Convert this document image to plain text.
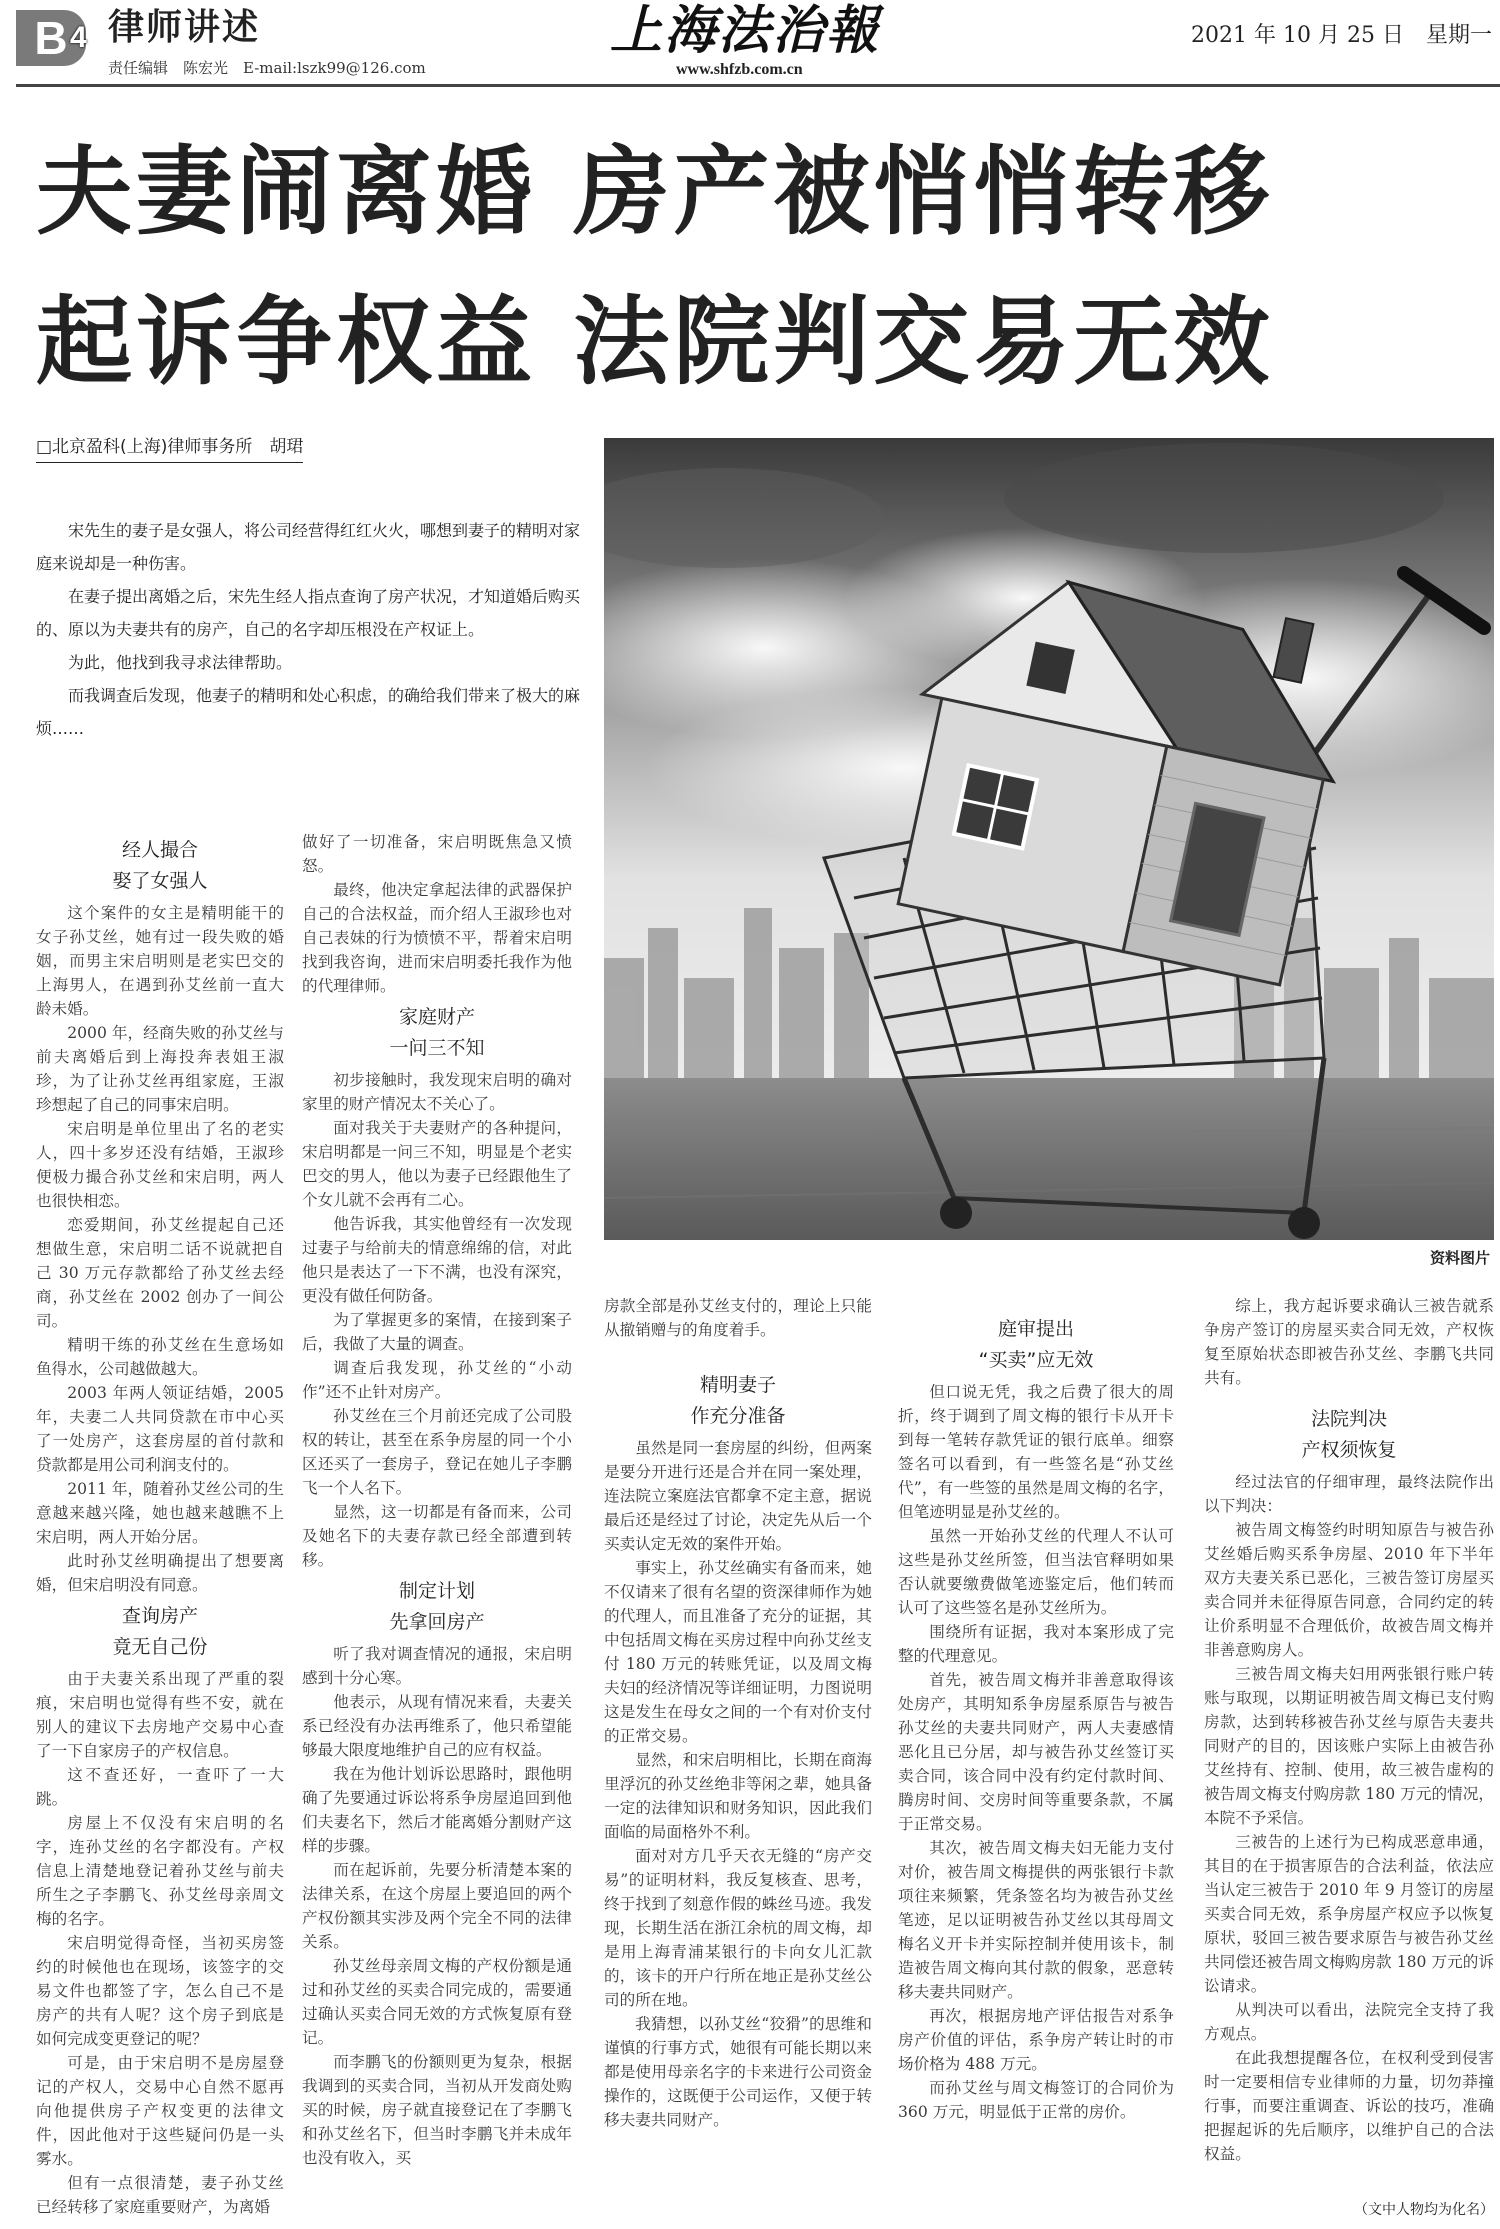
B 4 律师讲述
责任编辑　陈宏光　E-mail:lszk99@126.com
上海法治報
www.shfzb.com.cn
2021 年 10 月 25 日　星期一
夫妻闹离婚 房产被悄悄转移
起诉争权益 法院判交易无效
□北京盈科(上海)律师事务所　胡珺

宋先生的妻子是女强人，将公司经营得红红火火，哪想到妻子的精明对家庭来说却是一种伤害。

在妻子提出离婚之后，宋先生经人指点查询了房产状况，才知道婚后购买的、原以为夫妻共有的房产，自己的名字却压根没在产权证上。

为此，他找到我寻求法律帮助。

而我调查后发现，他妻子的精明和处心积虑，的确给我们带来了极大的麻烦……

资料图片
经人撮合
娶了女强人

这个案件的女主是精明能干的女子孙艾丝，她有过一段失败的婚姻，而男主宋启明则是老实巴交的上海男人，在遇到孙艾丝前一直大龄未婚。

2000 年，经商失败的孙艾丝与前夫离婚后到上海投奔表姐王淑珍，为了让孙艾丝再组家庭，王淑珍想起了自己的同事宋启明。

宋启明是单位里出了名的老实人，四十多岁还没有结婚，王淑珍便极力撮合孙艾丝和宋启明，两人也很快相恋。

恋爱期间，孙艾丝提起自己还想做生意，宋启明二话不说就把自己 30 万元存款都给了孙艾丝去经商，孙艾丝在 2002 创办了一间公司。

精明干练的孙艾丝在生意场如鱼得水，公司越做越大。

2003 年两人领证结婚，2005 年，夫妻二人共同贷款在市中心买了一处房产，这套房屋的首付款和贷款都是用公司利润支付的。

2011 年，随着孙艾丝公司的生意越来越兴隆，她也越来越瞧不上宋启明，两人开始分居。

此时孙艾丝明确提出了想要离婚，但宋启明没有同意。

查询房产
竟无自己份

由于夫妻关系出现了严重的裂痕，宋启明也觉得有些不安，就在别人的建议下去房地产交易中心查了一下自家房子的产权信息。

这不查还好，一查吓了一大跳。

房屋上不仅没有宋启明的名字，连孙艾丝的名字都没有。产权信息上清楚地登记着孙艾丝与前夫所生之子李鹏飞、孙艾丝母亲周文梅的名字。

宋启明觉得奇怪，当初买房签约的时候他也在现场，该签字的交易文件也都签了字，怎么自己不是房产的共有人呢？这个房子到底是如何完成变更登记的呢？

可是，由于宋启明不是房屋登记的产权人，交易中心自然不愿再向他提供房子产权变更的法律文件，因此他对于这些疑问仍是一头雾水。

但有一点很清楚，妻子孙艾丝已经转移了家庭重要财产，为离婚

做好了一切准备，宋启明既焦急又愤怒。

最终，他决定拿起法律的武器保护自己的合法权益，而介绍人王淑珍也对自己表妹的行为愤愤不平，帮着宋启明找到我咨询，进而宋启明委托我作为他的代理律师。

家庭财产
一问三不知

初步接触时，我发现宋启明的确对家里的财产情况太不关心了。

面对我关于夫妻财产的各种提问，宋启明都是一问三不知，明显是个老实巴交的男人，他以为妻子已经跟他生了个女儿就不会再有二心。

他告诉我，其实他曾经有一次发现过妻子与给前夫的情意绵绵的信，对此他只是表达了一下不满，也没有深究，更没有做任何防备。

为了掌握更多的案情，在接到案子后，我做了大量的调查。

调查后我发现，孙艾丝的“小动作”还不止针对房产。

孙艾丝在三个月前还完成了公司股权的转让，甚至在系争房屋的同一个小区还买了一套房子，登记在她儿子李鹏飞一个人名下。

显然，这一切都是有备而来，公司及她名下的夫妻存款已经全部遭到转移。

制定计划
先拿回房产

听了我对调查情况的通报，宋启明感到十分心寒。

他表示，从现有情况来看，夫妻关系已经没有办法再维系了，他只希望能够最大限度地维护自己的应有权益。

我在为他计划诉讼思路时，跟他明确了先要通过诉讼将系争房屋追回到他们夫妻名下，然后才能离婚分割财产这样的步骤。

而在起诉前，先要分析清楚本案的法律关系，在这个房屋上要追回的两个产权份额其实涉及两个完全不同的法律关系。

孙艾丝母亲周文梅的产权份额是通过和孙艾丝的买卖合同完成的，需要通过确认买卖合同无效的方式恢复原有登记。

而李鹏飞的份额则更为复杂，根据我调到的买卖合同，当初从开发商处购买的时候，房子就直接登记在了李鹏飞和孙艾丝名下，但当时李鹏飞并未成年也没有收入，买

房款全部是孙艾丝支付的，理论上只能从撤销赠与的角度着手。

精明妻子
作充分准备

虽然是同一套房屋的纠纷，但两案是要分开进行还是合并在同一案处理，连法院立案庭法官都拿不定主意，据说最后还是经过了讨论，决定先从后一个买卖认定无效的案件开始。

事实上，孙艾丝确实有备而来，她不仅请来了很有名望的资深律师作为她的代理人，而且准备了充分的证据，其中包括周文梅在买房过程中向孙艾丝支付 180 万元的转账凭证，以及周文梅夫妇的经济情况等详细证明，力图说明这是发生在母女之间的一个有对价支付的正常交易。

显然，和宋启明相比，长期在商海里浮沉的孙艾丝绝非等闲之辈，她具备一定的法律知识和财务知识，因此我们面临的局面格外不利。

面对对方几乎天衣无缝的“房产交易”的证明材料，我反复核查、思考，终于找到了刻意作假的蛛丝马迹。我发现，长期生活在浙江余杭的周文梅，却是用上海青浦某银行的卡向女儿汇款的，该卡的开户行所在地正是孙艾丝公司的所在地。

我猜想，以孙艾丝“狡猾”的思维和谨慎的行事方式，她很有可能长期以来都是使用母亲名字的卡来进行公司资金操作的，这既便于公司运作，又便于转移夫妻共同财产。

庭审提出
“买卖”应无效

但口说无凭，我之后费了很大的周折，终于调到了周文梅的银行卡从开卡到每一笔转存款凭证的银行底单。细察签名可以看到，有一些签名是“孙艾丝代”，有一些签的虽然是周文梅的名字，但笔迹明显是孙艾丝的。

虽然一开始孙艾丝的代理人不认可这些是孙艾丝所签，但当法官释明如果否认就要缴费做笔迹鉴定后，他们转而认可了这些签名是孙艾丝所为。

围绕所有证据，我对本案形成了完整的代理意见。

首先，被告周文梅并非善意取得该处房产，其明知系争房屋系原告与被告孙艾丝的夫妻共同财产，两人夫妻感情恶化且已分居，却与被告孙艾丝签订买卖合同，该合同中没有约定付款时间、腾房时间、交房时间等重要条款，不属于正常交易。

其次，被告周文梅夫妇无能力支付对价，被告周文梅提供的两张银行卡款项往来频繁，凭条签名均为被告孙艾丝笔迹，足以证明被告孙艾丝以其母周文梅名义开卡并实际控制并使用该卡，制造被告周文梅向其付款的假象，恶意转移夫妻共同财产。

再次，根据房地产评估报告对系争房产价值的评估，系争房产转让时的市场价格为 488 万元。

而孙艾丝与周文梅签订的合同价为 360 万元，明显低于正常的房价。

综上，我方起诉要求确认三被告就系争房产签订的房屋买卖合同无效，产权恢复至原始状态即被告孙艾丝、李鹏飞共同共有。

法院判决
产权须恢复

经过法官的仔细审理，最终法院作出以下判决：

被告周文梅签约时明知原告与被告孙艾丝婚后购买系争房屋、2010 年下半年双方夫妻关系已恶化，三被告签订房屋买卖合同并未征得原告同意，合同约定的转让价系明显不合理低价，故被告周文梅并非善意购房人。

三被告周文梅夫妇用两张银行账户转账与取现，以期证明被告周文梅已支付购房款，达到转移被告孙艾丝与原告夫妻共同财产的目的，因该账户实际上由被告孙艾丝持有、控制、使用，故三被告虚构的被告周文梅支付购房款 180 万元的情况，本院不予采信。

三被告的上述行为已构成恶意串通，其目的在于损害原告的合法利益，依法应当认定三被告于 2010 年 9 月签订的房屋买卖合同无效，系争房屋产权应予以恢复原状，驳回三被告要求原告与被告孙艾丝共同偿还被告周文梅购房款 180 万元的诉讼请求。

从判决可以看出，法院完全支持了我方观点。

在此我想提醒各位，在权利受到侵害时一定要相信专业律师的力量，切勿莽撞行事，而要注重调查、诉讼的技巧，准确把握起诉的先后顺序，以维护自己的合法权益。

（文中人物均为化名）
